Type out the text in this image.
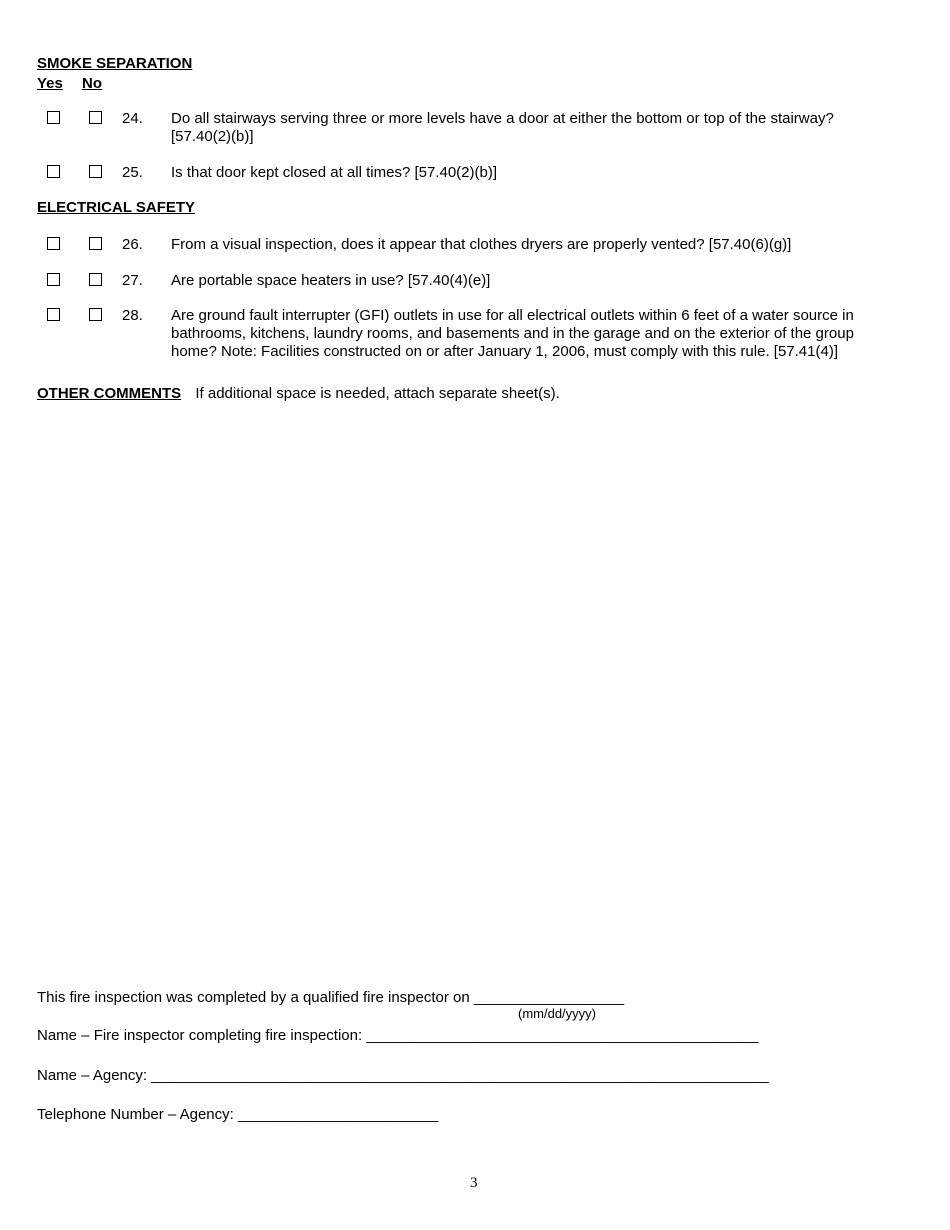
SMOKE SEPARATION
Yes No
24. Do all stairways serving three or more levels have a door at either the bottom or top of the stairway? [57.40(2)(b)]
25. Is that door kept closed at all times? [57.40(2)(b)]
ELECTRICAL SAFETY
26. From a visual inspection, does it appear that clothes dryers are properly vented? [57.40(6)(g)]
27. Are portable space heaters in use? [57.40(4)(e)]
28. Are ground fault interrupter (GFI) outlets in use for all electrical outlets within 6 feet of a water source in bathrooms, kitchens, laundry rooms, and basements and in the garage and on the exterior of the group home? Note: Facilities constructed on or after January 1, 2006, must comply with this rule. [57.41(4)]
OTHER COMMENTS If additional space is needed, attach separate sheet(s).
This fire inspection was completed by a qualified fire inspector on __________________
(mm/dd/yyyy)
Name – Fire inspector completing fire inspection: _______________________________________________
Name – Agency: __________________________________________________________________________
Telephone Number – Agency: ________________________
3
